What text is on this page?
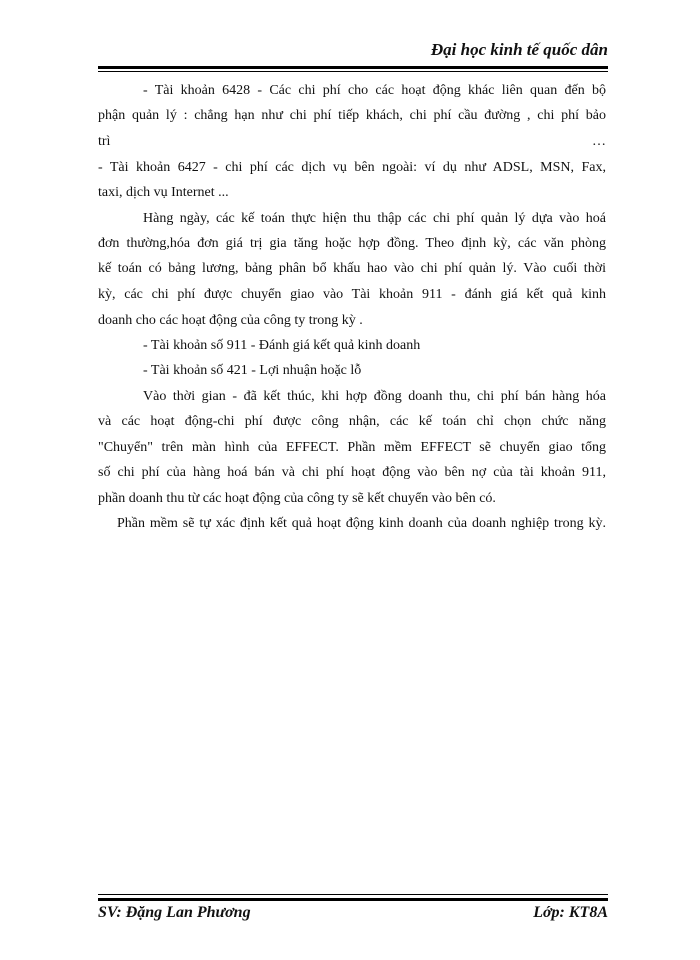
Đại học kinh tế quốc dân
- Tài khoản 6428 - Các chi phí cho các hoạt động khác liên quan đến bộ
phận quản lý : chẳng hạn như chi phí tiếp khách, chi phí cầu đường , chi phí bảo
trì	…
- Tài khoản 6427 - chi phí các dịch vụ bên ngoài: ví dụ như ADSL, MSN, Fax,
taxi, dịch vụ Internet ...
Hàng ngày, các kế toán thực hiện thu thập các chi phí quản lý dựa vào hoá
đơn thường,hóa đơn giá trị gia tăng hoặc hợp đồng. Theo định kỳ, các văn phòng
kế toán có bảng lương, bảng phân bổ khấu hao vào chi phí quản lý. Vào cuối thời
kỳ, các chi phí được chuyển giao vào Tài khoản 911 - đánh giá kết quả kinh
doanh cho các hoạt động của công ty trong kỳ .
- Tài khoản số 911 - Đánh giá kết quả kinh doanh
- Tài khoản số 421 - Lợi nhuận hoặc lỗ
Vào thời gian - đã kết thúc, khi hợp đồng doanh thu, chi phí bán hàng hóa
và các hoạt động-chi phí được công nhận, các kế toán chỉ chọn chức năng
"Chuyển" trên màn hình của EFFECT. Phần mềm EFFECT sẽ chuyển giao tổng
số chi phí của hàng hoá bán và chi phí hoạt động vào bên nợ của tài khoản 911,
phần doanh thu từ các hoạt động của công ty sẽ kết chuyển vào bên có.
Phần mềm sẽ tự xác định kết quả hoạt động kinh doanh của doanh nghiệp trong kỳ.
SV: Đặng Lan Phương	Lớp: KT8A
